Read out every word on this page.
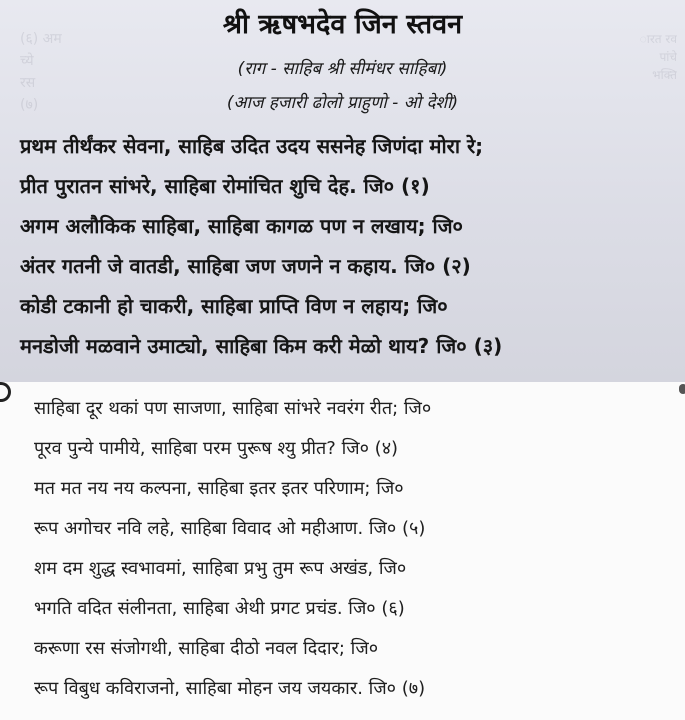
(६) अम
च्ये
रस
(७)
ारत रव
पांचे
भक्ति
श्री ऋषभदेव जिन स्तवन
(राग - साहिब श्री सीमंधर साहिबा)
(आज हजारी ढोलो प्राहुणो - ओ देशी)
प्रथम तीर्थंकर सेवना, साहिब उदित उदय ससनेह जिणंदा मोरा रे;
प्रीत पुरातन सांभरे, साहिबा रोमांचित शुचि देह. जि० (१)
अगम अलौकिक साहिबा, साहिबा कागळ पण न लखाय; जि०
अंतर गतनी जे वातडी, साहिबा जण जणने न कहाय. जि० (२)
कोडी टकानी हो चाकरी, साहिबा प्राप्ति विण न लहाय; जि०
मनडोजी मळवाने उमाट्यो, साहिबा किम करी मेळो थाय? जि० (३)
साहिबा दूर थकां पण साजणा, साहिबा सांभरे नवरंग रीत; जि०
पूरव पुन्ये पामीये, साहिबा परम पुरूष श्यु प्रीत? जि० (४)
मत मत नय नय कल्पना, साहिबा इतर इतर परिणाम; जि०
रूप अगोचर नवि लहे, साहिबा विवाद ओ महीआण. जि० (५)
शम दम शुद्ध स्वभावमां, साहिबा प्रभु तुम रूप अखंड, जि०
भगति वदित संलीनता, साहिबा अेथी प्रगट प्रचंड. जि० (६)
करूणा रस संजोगथी, साहिबा दीठो नवल दिदार; जि०
रूप विबुध कविराजनो, साहिबा मोहन जय जयकार. जि० (७)
